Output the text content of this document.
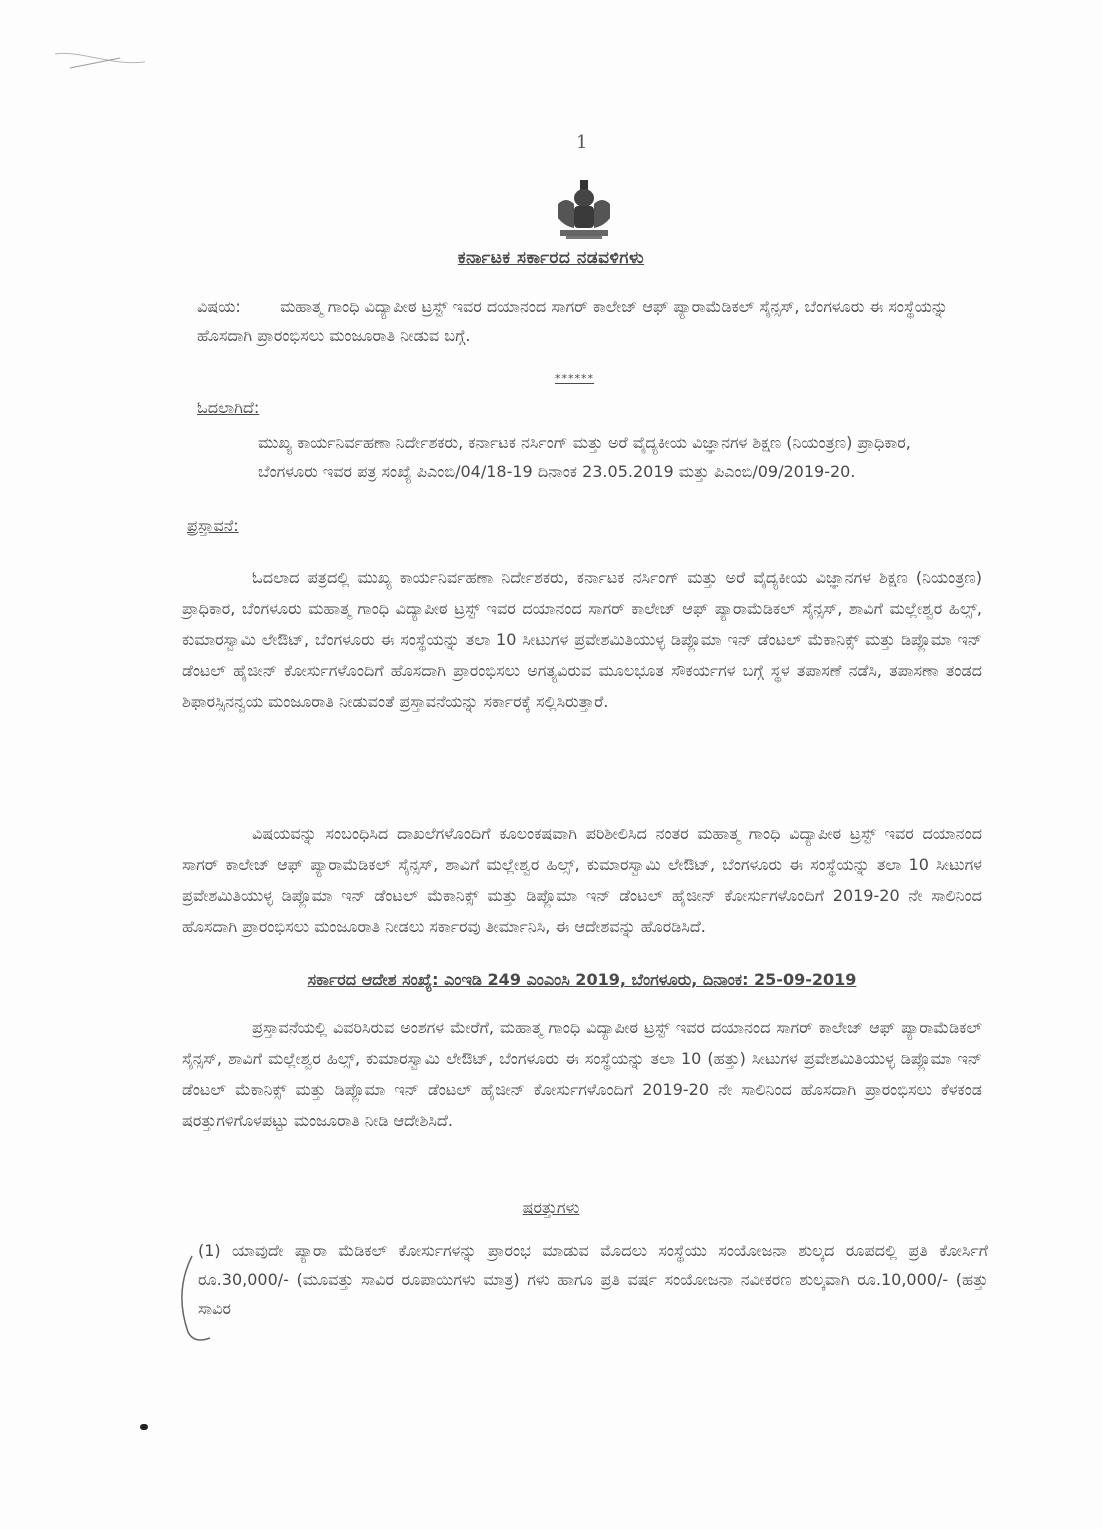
1
ಕರ್ನಾಟಕ ಸರ್ಕಾರದ ನಡವಳಿಗಳು
ವಿಷಯ: ಮಹಾತ್ಮ ಗಾಂಧಿ ವಿದ್ಯಾಪೀಠ ಟ್ರಸ್ಟ್ ಇವರ ದಯಾನಂದ ಸಾಗರ್ ಕಾಲೇಜ್ ಆಫ್ ಪ್ಯಾರಾಮೆಡಿಕಲ್ ಸೈನ್ಸಸ್, ಬೆಂಗಳೂರು ಈ ಸಂಸ್ಥೆಯನ್ನು ಹೊಸದಾಗಿ ಪ್ರಾರಂಭಿಸಲು ಮಂಜೂರಾತಿ ನೀಡುವ ಬಗ್ಗೆ.
******
ಓದಲಾಗಿದೆ:
ಮುಖ್ಯ ಕಾರ್ಯನಿರ್ವಹಣಾ ನಿರ್ದೇಶಕರು, ಕರ್ನಾಟಕ ನರ್ಸಿಂಗ್ ಮತ್ತು ಅರೆ ವೈದ್ಯಕೀಯ ವಿಜ್ಞಾನಗಳ ಶಿಕ್ಷಣ (ನಿಯಂತ್ರಣ) ಪ್ರಾಧಿಕಾರ, ಬೆಂಗಳೂರು ಇವರ ಪತ್ರ ಸಂಖ್ಯೆ ಪಿಎಂಬಿ/04/18-19 ದಿನಾಂಕ 23.05.2019 ಮತ್ತು ಪಿಎಂಬಿ/09/2019-20.
ಪ್ರಸ್ತಾವನೆ:
ಓದಲಾದ ಪತ್ರದಲ್ಲಿ ಮುಖ್ಯ ಕಾರ್ಯನಿರ್ವಹಣಾ ನಿರ್ದೇಶಕರು, ಕರ್ನಾಟಕ ನರ್ಸಿಂಗ್ ಮತ್ತು ಅರೆ ವೈದ್ಯಕೀಯ ವಿಜ್ಞಾನಗಳ ಶಿಕ್ಷಣ (ನಿಯಂತ್ರಣ) ಪ್ರಾಧಿಕಾರ, ಬೆಂಗಳೂರು ಮಹಾತ್ಮ ಗಾಂಧಿ ವಿದ್ಯಾಪೀಠ ಟ್ರಸ್ಟ್ ಇವರ ದಯಾನಂದ ಸಾಗರ್ ಕಾಲೇಜ್ ಆಫ್ ಪ್ಯಾರಾಮೆಡಿಕಲ್ ಸೈನ್ಸಸ್, ಶಾವಿಗೆ ಮಲ್ಲೇಶ್ವರ ಹಿಲ್ಸ್, ಕುಮಾರಸ್ವಾಮಿ ಲೇಔಟ್, ಬೆಂಗಳೂರು ಈ ಸಂಸ್ಥೆಯನ್ನು ತಲಾ 10 ಸೀಟುಗಳ ಪ್ರವೇಶಮಿತಿಯುಳ್ಳ ಡಿಪ್ಲೊಮಾ ಇನ್ ಡೆಂಟಲ್ ಮೆಕಾನಿಕ್ಸ್ ಮತ್ತು ಡಿಪ್ಲೊಮಾ ಇನ್ ಡೆಂಟಲ್ ಹೈಜೀನ್ ಕೋರ್ಸುಗಳೊಂದಿಗೆ ಹೊಸದಾಗಿ ಪ್ರಾರಂಭಿಸಲು ಅಗತ್ಯವಿರುವ ಮೂಲಭೂತ ಸೌಕರ್ಯಗಳ ಬಗ್ಗೆ ಸ್ಥಳ ತಪಾಸಣೆ ನಡೆಸಿ, ತಪಾಸಣಾ ತಂಡದ ಶಿಫಾರಸ್ಸಿನನ್ವಯ ಮಂಜೂರಾತಿ ನೀಡುವಂತೆ ಪ್ರಸ್ತಾವನೆಯನ್ನು ಸರ್ಕಾರಕ್ಕೆ ಸಲ್ಲಿಸಿರುತ್ತಾರೆ.
ವಿಷಯವನ್ನು ಸಂಬಂಧಿಸಿದ ದಾಖಲೆಗಳೊಂದಿಗೆ ಕೂಲಂಕಷವಾಗಿ ಪರಿಶೀಲಿಸಿದ ನಂತರ ಮಹಾತ್ಮ ಗಾಂಧಿ ವಿದ್ಯಾಪೀಠ ಟ್ರಸ್ಟ್ ಇವರ ದಯಾನಂದ ಸಾಗರ್ ಕಾಲೇಜ್ ಆಫ್ ಪ್ಯಾರಾಮೆಡಿಕಲ್ ಸೈನ್ಸಸ್, ಶಾವಿಗೆ ಮಲ್ಲೇಶ್ವರ ಹಿಲ್ಸ್, ಕುಮಾರಸ್ವಾಮಿ ಲೇಔಟ್, ಬೆಂಗಳೂರು ಈ ಸಂಸ್ಥೆಯನ್ನು ತಲಾ 10 ಸೀಟುಗಳ ಪ್ರವೇಶಮಿತಿಯುಳ್ಳ ಡಿಪ್ಲೊಮಾ ಇನ್ ಡೆಂಟಲ್ ಮೆಕಾನಿಕ್ಸ್ ಮತ್ತು ಡಿಪ್ಲೊಮಾ ಇನ್ ಡೆಂಟಲ್ ಹೈಜೀನ್ ಕೋರ್ಸುಗಳೊಂದಿಗೆ 2019-20 ನೇ ಸಾಲಿನಿಂದ ಹೊಸದಾಗಿ ಪ್ರಾರಂಭಿಸಲು ಮಂಜೂರಾತಿ ನೀಡಲು ಸರ್ಕಾರವು ತೀರ್ಮಾನಿಸಿ, ಈ ಆದೇಶವನ್ನು ಹೊರಡಿಸಿದೆ.
ಸರ್ಕಾರದ ಆದೇಶ ಸಂಖ್ಯೆ: ಎಂಇಡಿ 249 ಎಂಎಂಸಿ 2019, ಬೆಂಗಳೂರು, ದಿನಾಂಕ: 25-09-2019
ಪ್ರಸ್ತಾವನೆಯಲ್ಲಿ ವಿವರಿಸಿರುವ ಅಂಶಗಳ ಮೇರೆಗೆ, ಮಹಾತ್ಮ ಗಾಂಧಿ ವಿದ್ಯಾಪೀಠ ಟ್ರಸ್ಟ್ ಇವರ ದಯಾನಂದ ಸಾಗರ್ ಕಾಲೇಜ್ ಆಫ್ ಪ್ಯಾರಾಮೆಡಿಕಲ್ ಸೈನ್ಸಸ್, ಶಾವಿಗೆ ಮಲ್ಲೇಶ್ವರ ಹಿಲ್ಸ್, ಕುಮಾರಸ್ವಾಮಿ ಲೇಔಟ್, ಬೆಂಗಳೂರು ಈ ಸಂಸ್ಥೆಯನ್ನು ತಲಾ 10 (ಹತ್ತು) ಸೀಟುಗಳ ಪ್ರವೇಶಮಿತಿಯುಳ್ಳ ಡಿಪ್ಲೊಮಾ ಇನ್ ಡೆಂಟಲ್ ಮೆಕಾನಿಕ್ಸ್ ಮತ್ತು ಡಿಪ್ಲೊಮಾ ಇನ್ ಡೆಂಟಲ್ ಹೈಜೀನ್ ಕೋರ್ಸುಗಳೊಂದಿಗೆ 2019-20 ನೇ ಸಾಲಿನಿಂದ ಹೊಸದಾಗಿ ಪ್ರಾರಂಭಿಸಲು ಕೆಳಕಂಡ ಷರತ್ತುಗಳಿಗೊಳಪಟ್ಟು ಮಂಜೂರಾತಿ ನೀಡಿ ಆದೇಶಿಸಿದೆ.
ಷರತ್ತುಗಳು
(1) ಯಾವುದೇ ಪ್ಯಾರಾ ಮೆಡಿಕಲ್ ಕೋರ್ಸುಗಳನ್ನು ಪ್ರಾರಂಭ ಮಾಡುವ ಮೊದಲು ಸಂಸ್ಥೆಯು ಸಂಯೋಜನಾ ಶುಲ್ಕದ ರೂಪದಲ್ಲಿ ಪ್ರತಿ ಕೋರ್ಸಿಗೆ ರೂ.30,000/- (ಮೂವತ್ತು ಸಾವಿರ ರೂಪಾಯಿಗಳು ಮಾತ್ರ) ಗಳು ಹಾಗೂ ಪ್ರತಿ ವರ್ಷ ಸಂಯೋಜನಾ ನವೀಕರಣ ಶುಲ್ಕವಾಗಿ ರೂ.10,000/- (ಹತ್ತು ಸಾವಿರ
